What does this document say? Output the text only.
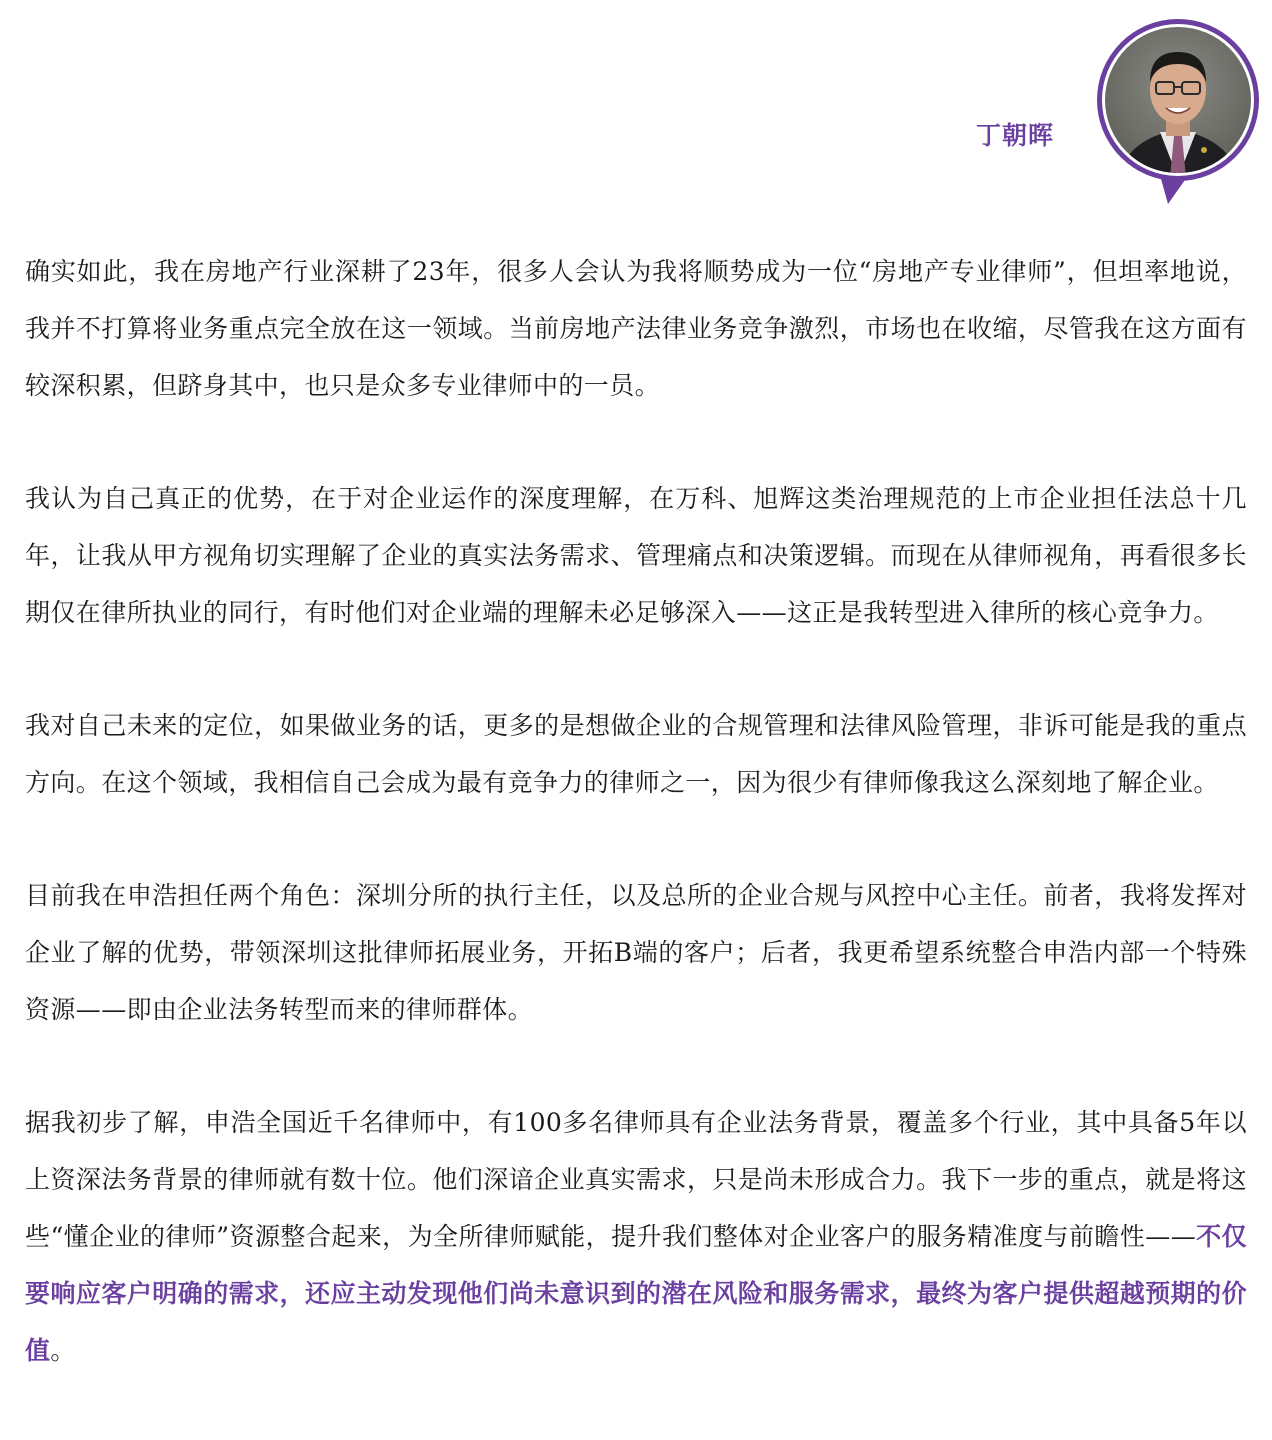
丁朝晖

确实如此，我在房地产行业深耕了23年，很多人会认为我将顺势成为一位“房地产专业律师”，但坦率地说，我并不打算将业务重点完全放在这一领域。当前房地产法律业务竞争激烈，市场也在收缩，尽管我在这方面有较深积累，但跻身其中，也只是众多专业律师中的一员。

我认为自己真正的优势，在于对企业运作的深度理解，在万科、旭辉这类治理规范的上市企业担任法总十几年，让我从甲方视角切实理解了企业的真实法务需求、管理痛点和决策逻辑。而现在从律师视角，再看很多长期仅在律所执业的同行，有时他们对企业端的理解未必足够深入——这正是我转型进入律所的核心竞争力。

我对自己未来的定位，如果做业务的话，更多的是想做企业的合规管理和法律风险管理，非诉可能是我的重点方向。在这个领域，我相信自己会成为最有竞争力的律师之一，因为很少有律师像我这么深刻地了解企业。

目前我在申浩担任两个角色：深圳分所的执行主任，以及总所的企业合规与风控中心主任。前者，我将发挥对企业了解的优势，带领深圳这批律师拓展业务，开拓B端的客户；后者，我更希望系统整合申浩内部一个特殊资源——即由企业法务转型而来的律师群体。

据我初步了解，申浩全国近千名律师中，有100多名律师具有企业法务背景，覆盖多个行业，其中具备5年以上资深法务背景的律师就有数十位。他们深谙企业真实需求，只是尚未形成合力。我下一步的重点，就是将这些“懂企业的律师”资源整合起来，为全所律师赋能，提升我们整体对企业客户的服务精准度与前瞻性——不仅要响应客户明确的需求，还应主动发现他们尚未意识到的潜在风险和服务需求，最终为客户提供超越预期的价值。
